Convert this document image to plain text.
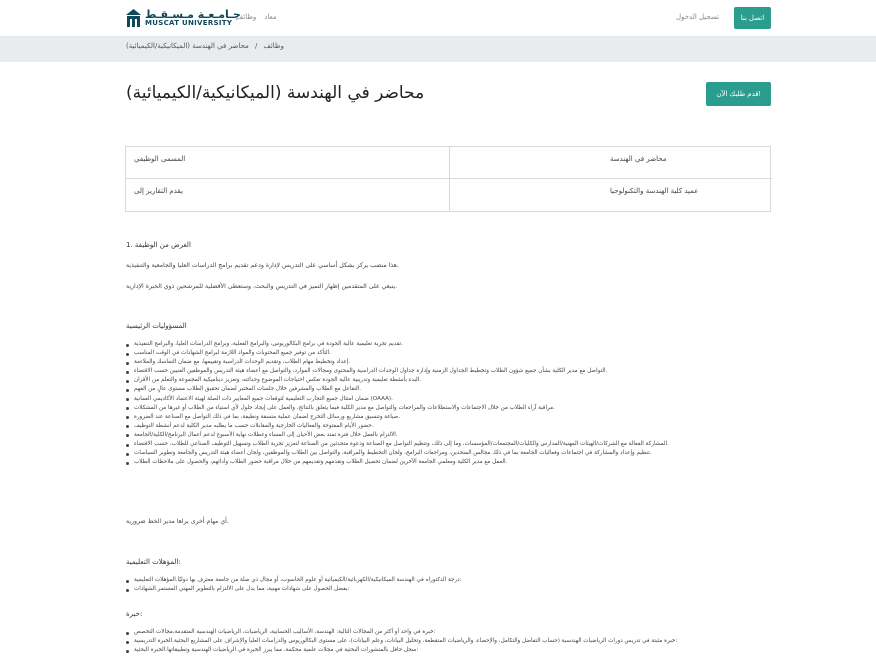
جـامـعـة مـسـقـط
MUSCAT UNIVERSITY
وظائف معاد	تسجيل الدخول	اتصل بنا
وظائف / محاضر في الهندسة (الميكانيكية/الكيميائية)
محاضر في الهندسة (الميكانيكية/الكيميائية)	قدم طلبك الآن!
المسمى الوظيفي	محاضر في الهندسة
يقدم التقارير إلى	عميد كلية الهندسة والتكنولوجيا
1. الغرض من الوظيفة
هذا منصب يركز بشكل أساسي على التدريس لإدارة ودعم تقديم برامج الدراسات العليا والجامعية والتنفيذية.
ينبغي على المتقدمين إظهار التميز في التدريس والبحث. وستعطى الأفضلية للمرشحين ذوي الخبرة الإدارية.
المسؤوليات الرئيسية
تقديم تجربة تعليمية عالية الجودة في برامج البكالوريوس، والبرامج الفعلية، وبرامج الدراسات العليا، والبرامج التنفيذية.
التأكد من توفير جميع المحتويات والمواد اللازمة لبرامج الشهادات في الوقت المناسب.
إعداد وتخطيط مهام الطلاب، وتقديم الوحدات الدراسية وتقييمها، مع ضمان التماسك والملاءمة.
التواصل مع مدير الكلية بشأن جميع شؤون الطلاب وتخطيط الجداول الزمنية وإدارة جداول الوحدات الدراسية والمحتوى ومجالات الموارد، والتواصل مع أعضاء هيئة التدريس والموظفين الفنيين حسب الاقتضاء.
البدء بأنشطة تعليمية وتدريبية عالية الجودة تعكس احتياجات الموضوع وحداثته، وتعزيز ديناميكية المجموعة والتعلم من الأقران.
التفاعل مع الطلاب والمشرفين خلال جلسات المختبر لضمان تحقيق الطلاب مستوى عالٍ من الفهم.
ضمان امتثال جميع التجارب التعليمية لتوقعات جميع المعايير ذات الصلة لهيئة الاعتماد الأكاديمي العمانية (OAAA).
مراقبة آراء الطلاب من خلال الاجتماعات والاستطلاعات والمراجعات والتواصل مع مدير الكلية فيما يتعلق بالنتائج، والعمل على إيجاد حلول لأي استياء من الطلاب أو غيرها من المشكلات.
صياغة وتنسيق مشاريع ورسائل التخرج لضمان عملية منسقة ونظيفة، بما في ذلك التواصل مع الصناعة عند الضرورة.
حضور الأيام المفتوحة والفعاليات الخارجية والمقابلات حسب ما يطلبه مدير الكلية لدعم أنشطة التوظيف.
الالتزام بالعمل خلال فترة تمتد بعض الأحيان إلى المساء وعطلات نهاية الأسبوع لدعم أعمال البرنامج/الكلية/الجامعة.
المشاركة الفعالة مع الشركات/الهيئات المهنية/المدارس والكليات/المجتمعات/المؤسسات، وما إلى ذلك، وتنظيم التواصل مع الصناعة ودعوة متحدثين من الصناعة لتعزيز تجربة الطلاب وتسهيل التوظيف الصناعي للطلاب، حسب الاقتضاء.
تنظيم وإعداد والمشاركة في اجتماعات وفعاليات الجامعة بما في ذلك مجالس المتحدين، ومراجعات البرامج، ولجان التخطيط والمراقبة، والتواصل بين الطلاب والموظفين، ولجان أعضاء هيئة التدريس والجامعة وتطوير السياسات.
العمل مع مدير الكلية ومعلمي الجامعة الآخرين لضمان تحصيل الطلاب وتقدمهم وتقديمهم من خلال مراقبة حضور الطلاب وأدائهم، والحصول على ملاحظات الطلاب.
أي مهام أخرى يراها مدير الخط ضرورية.
المؤهلات التعليمية:
درجة الدكتوراه في الهندسة الميكانيكية/الكهربائية/الكيميائية أو علوم الحاسوب، أو مجال ذي صلة من جامعة معترف بها دوليًا.المؤهلات التعليمية:
يفضل الحصول على شهادات مهنية، مما يدل على الالتزام بالتطوير المهني المستمر.الشهادات:
خبرة:
خبرة في واحد أو أكثر من المجالات التالية: الهندسة، الأساليب الحسابية، الرياضيات، الرياضيات الهندسية المتقدمة،مجالات التخصص:
خبرة مثبتة في تدريس دورات الرياضيات الهندسية (حساب التفاضل والتكامل، والإحصاء، والرياضيات المتقطعة، وتحليل البيانات، وعلم البيانات)، على مستوى البكالوريوس والدراسات العليا والإشراف على المشاريع البحثية.الخبرة التدريسية:
سجل حافل بالمنشورات البحثية في مجلات علمية محكمة، مما يبرز الخبرة في الرياضيات الهندسية وتطبيقاتها.الخبرة البحثية:
